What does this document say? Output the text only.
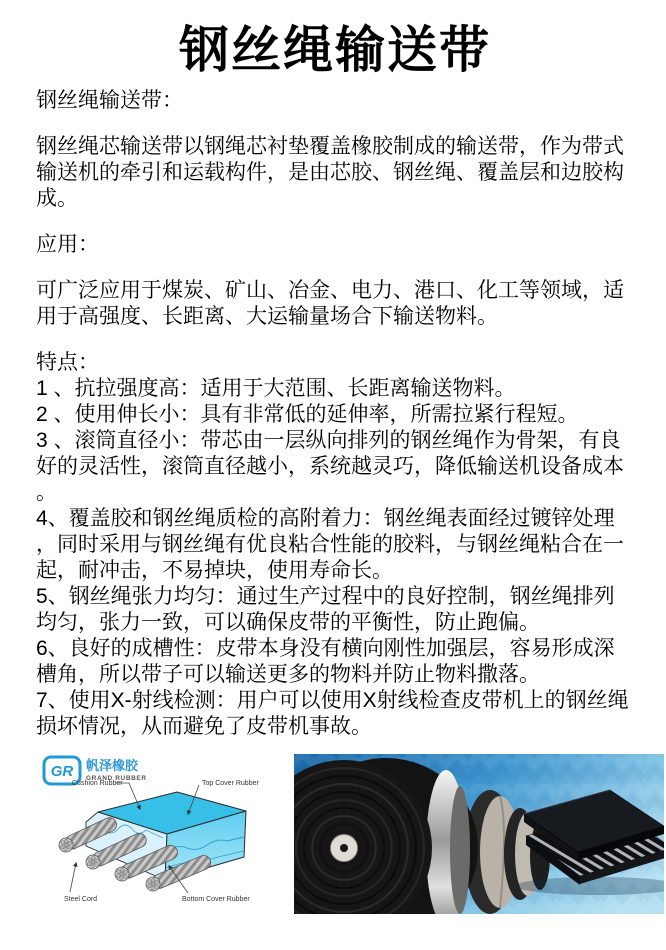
钢丝绳输送带

钢丝绳输送带：

钢丝绳芯输送带以钢绳芯衬垫覆盖橡胶制成的输送带，作为带式输送机的牵引和运载构件，是由芯胶、钢丝绳、覆盖层和边胶构成。

应用：

可广泛应用于煤炭、矿山、冶金、电力、港口、化工等领域，适用于高强度、长距离、大运输量场合下输送物料。

特点：

1 、抗拉强度高：适用于大范围、长距离输送物料。
2 、使用伸长小：具有非常低的延伸率，所需拉紧行程短。
3 、滚筒直径小：带芯由一层纵向排列的钢丝绳作为骨架，有良好的灵活性，滚筒直径越小，系统越灵巧，降低输送机设备成本。
4、覆盖胶和钢丝绳质检的高附着力：钢丝绳表面经过镀锌处理，同时采用与钢丝绳有优良粘合性能的胶料，与钢丝绳粘合在一起，耐冲击，不易掉块，使用寿命长。
5、钢丝绳张力均匀：通过生产过程中的良好控制，钢丝绳排列均匀，张力一致，可以确保皮带的平衡性，防止跑偏。
6、良好的成槽性：皮带本身没有横向刚性加强层，容易形成深槽角，所以带子可以输送更多的物料并防止物料撒落。
7、使用X-射线检测：用户可以使用X射线检查皮带机上的钢丝绳损坏情况，从而避免了皮带机事故。
GR 帆泽橡胶
GRAND RUBBER
Cushion Rubber	Top Cover Rubber
Steel Cord	Bottom Cover Rubber
